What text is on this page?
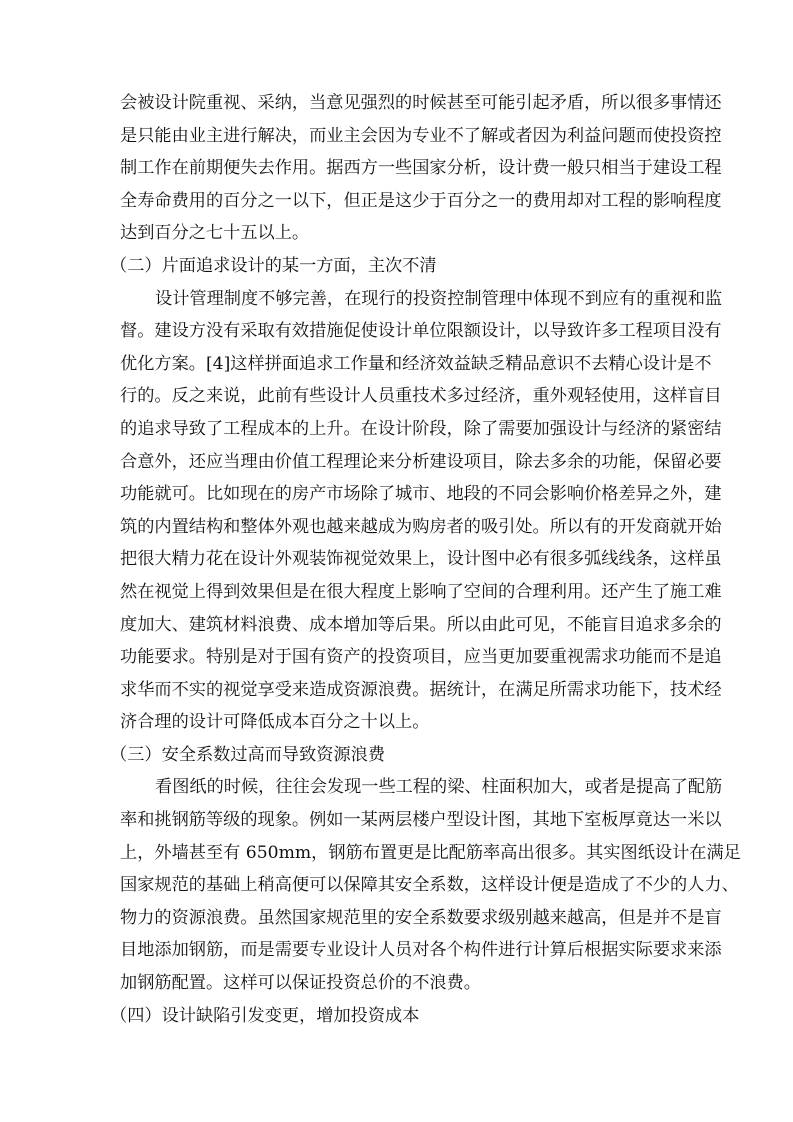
会被设计院重视、采纳，当意见强烈的时候甚至可能引起矛盾，所以很多事情还
是只能由业主进行解决，而业主会因为专业不了解或者因为利益问题而使投资控
制工作在前期便失去作用。据西方一些国家分析，设计费一般只相当于建设工程
全寿命费用的百分之一以下，但正是这少于百分之一的费用却对工程的影响程度
达到百分之七十五以上。
（二）片面追求设计的某一方面，主次不清
设计管理制度不够完善，在现行的投资控制管理中体现不到应有的重视和监
督。建设方没有采取有效措施促使设计单位限额设计，以导致许多工程项目没有
优化方案。[4]这样拼面追求工作量和经济效益缺乏精品意识不去精心设计是不
行的。反之来说，此前有些设计人员重技术多过经济，重外观轻使用，这样盲目
的追求导致了工程成本的上升。在设计阶段，除了需要加强设计与经济的紧密结
合意外，还应当理由价值工程理论来分析建设项目，除去多余的功能，保留必要
功能就可。比如现在的房产市场除了城市、地段的不同会影响价格差异之外，建
筑的内置结构和整体外观也越来越成为购房者的吸引处。所以有的开发商就开始
把很大精力花在设计外观装饰视觉效果上，设计图中必有很多弧线线条，这样虽
然在视觉上得到效果但是在很大程度上影响了空间的合理利用。还产生了施工难
度加大、建筑材料浪费、成本增加等后果。所以由此可见，不能盲目追求多余的
功能要求。特别是对于国有资产的投资项目，应当更加要重视需求功能而不是追
求华而不实的视觉享受来造成资源浪费。据统计，在满足所需求功能下，技术经
济合理的设计可降低成本百分之十以上。
（三）安全系数过高而导致资源浪费
看图纸的时候，往往会发现一些工程的梁、柱面积加大，或者是提高了配筋
率和挑钢筋等级的现象。例如一某两层楼户型设计图，其地下室板厚竟达一米以
上，外墙甚至有 650mm，钢筋布置更是比配筋率高出很多。其实图纸设计在满足
国家规范的基础上稍高便可以保障其安全系数，这样设计便是造成了不少的人力、
物力的资源浪费。虽然国家规范里的安全系数要求级别越来越高，但是并不是盲
目地添加钢筋，而是需要专业设计人员对各个构件进行计算后根据实际要求来添
加钢筋配置。这样可以保证投资总价的不浪费。
（四）设计缺陷引发变更，增加投资成本
